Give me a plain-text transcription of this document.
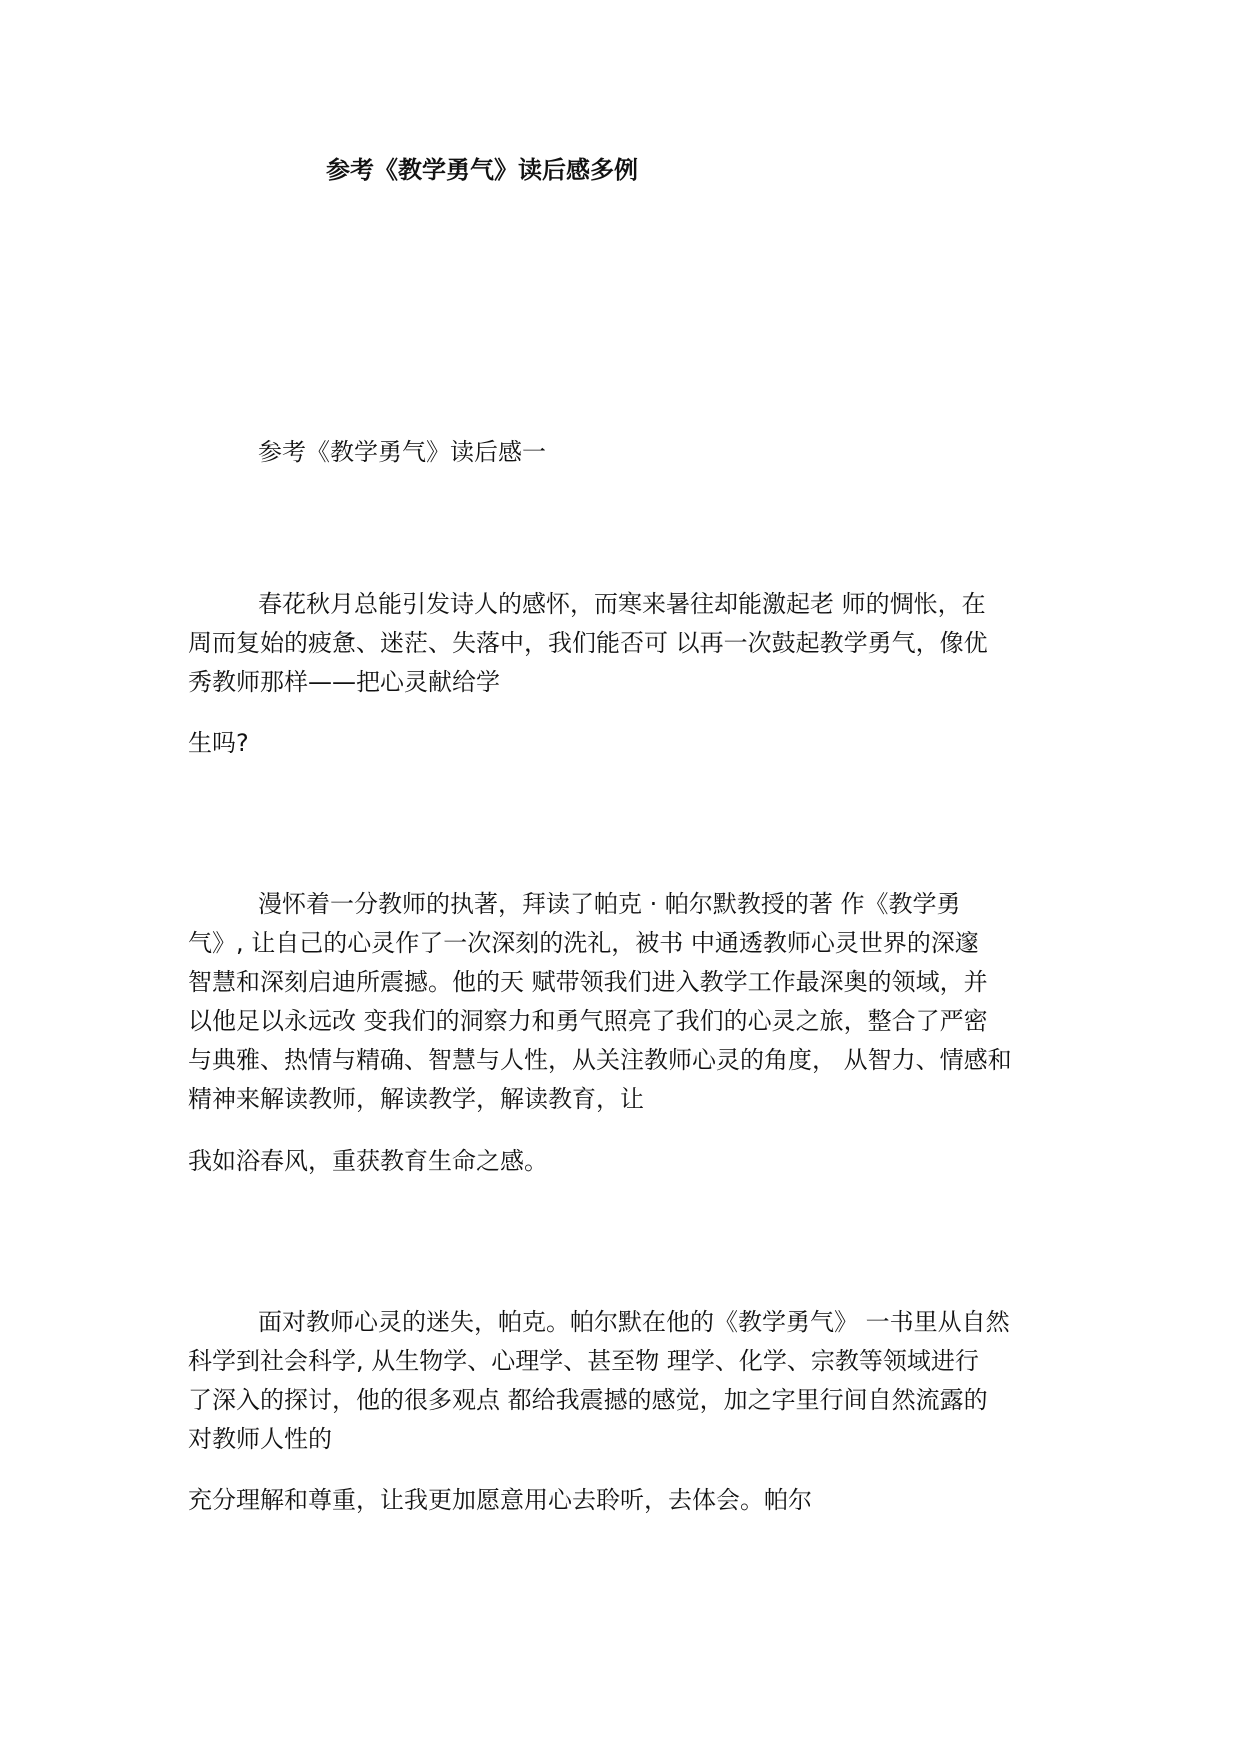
参考《教学勇气》读后感多例
参考《教学勇气》读后感一

春花秋月总能引发诗人的感怀，而寒来暑往却能激起老 师的惆怅，在
周而复始的疲惫、迷茫、失落中，我们能否可 以再一次鼓起教学勇气，像优
秀教师那样——把心灵献给学

生吗?

漫怀着一分教师的执著，拜读了帕克 · 帕尔默教授的著 作《教学勇
气》, 让自己的心灵作了一次深刻的洗礼，被书 中通透教师心灵世界的深邃
智慧和深刻启迪所震撼。他的天 赋带领我们进入教学工作最深奥的领域，并
以他足以永远改 变我们的洞察力和勇气照亮了我们的心灵之旅，整合了严密
与典雅、热情与精确、智慧与人性，从关注教师心灵的角度， 从智力、情感和
精神来解读教师，解读教学，解读教育，让

我如浴春风，重获教育生命之感。

面对教师心灵的迷失，帕克。帕尔默在他的《教学勇气》 一书里从自然
科学到社会科学, 从生物学、心理学、甚至物 理学、化学、宗教等领域进行
了深入的探讨，他的很多观点 都给我震撼的感觉，加之字里行间自然流露的
对教师人性的

充分理解和尊重，让我更加愿意用心去聆听，去体会。帕尔
